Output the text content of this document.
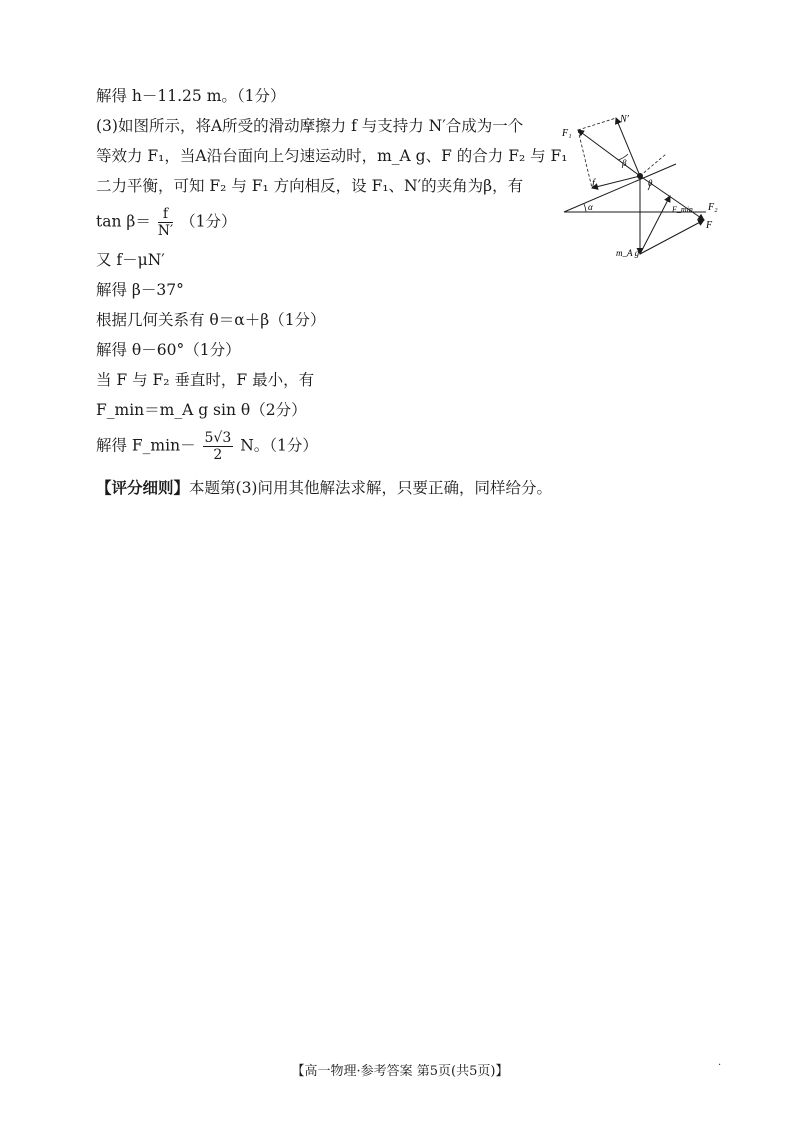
解得 h－11.25 m。（1分）
(3)如图所示，将A所受的滑动摩擦力 f 与支持力 N′合成为一个
等效力 F₁，当A沿台面向上匀速运动时，m_A g、F 的合力 F₂ 与 F₁
二力平衡，可知 F₂ 与 F₁ 方向相反，设 F₁、N′的夹角为β，有
$\tan \beta= \frac{f}{N'} (1$分）
又 f－μN′
解得 β－37°
根据几何关系有 θ＝α＋β（1分）
解得 θ－60°（1分）
当 F 与 F₂ 垂直时，F 最小，有
F_min＝m_A g sin θ（2分）
解得 F_min－ $\frac{5√3}{2}$ N。（1分）
【评分细则】本题第(3)问用其他解法求解，只要正确，同样给分。
F₁
N′
β
θ
f
α	F_min F₂
F
m_A g
【高一物理·参考答案 第5页(共5页)】	·
